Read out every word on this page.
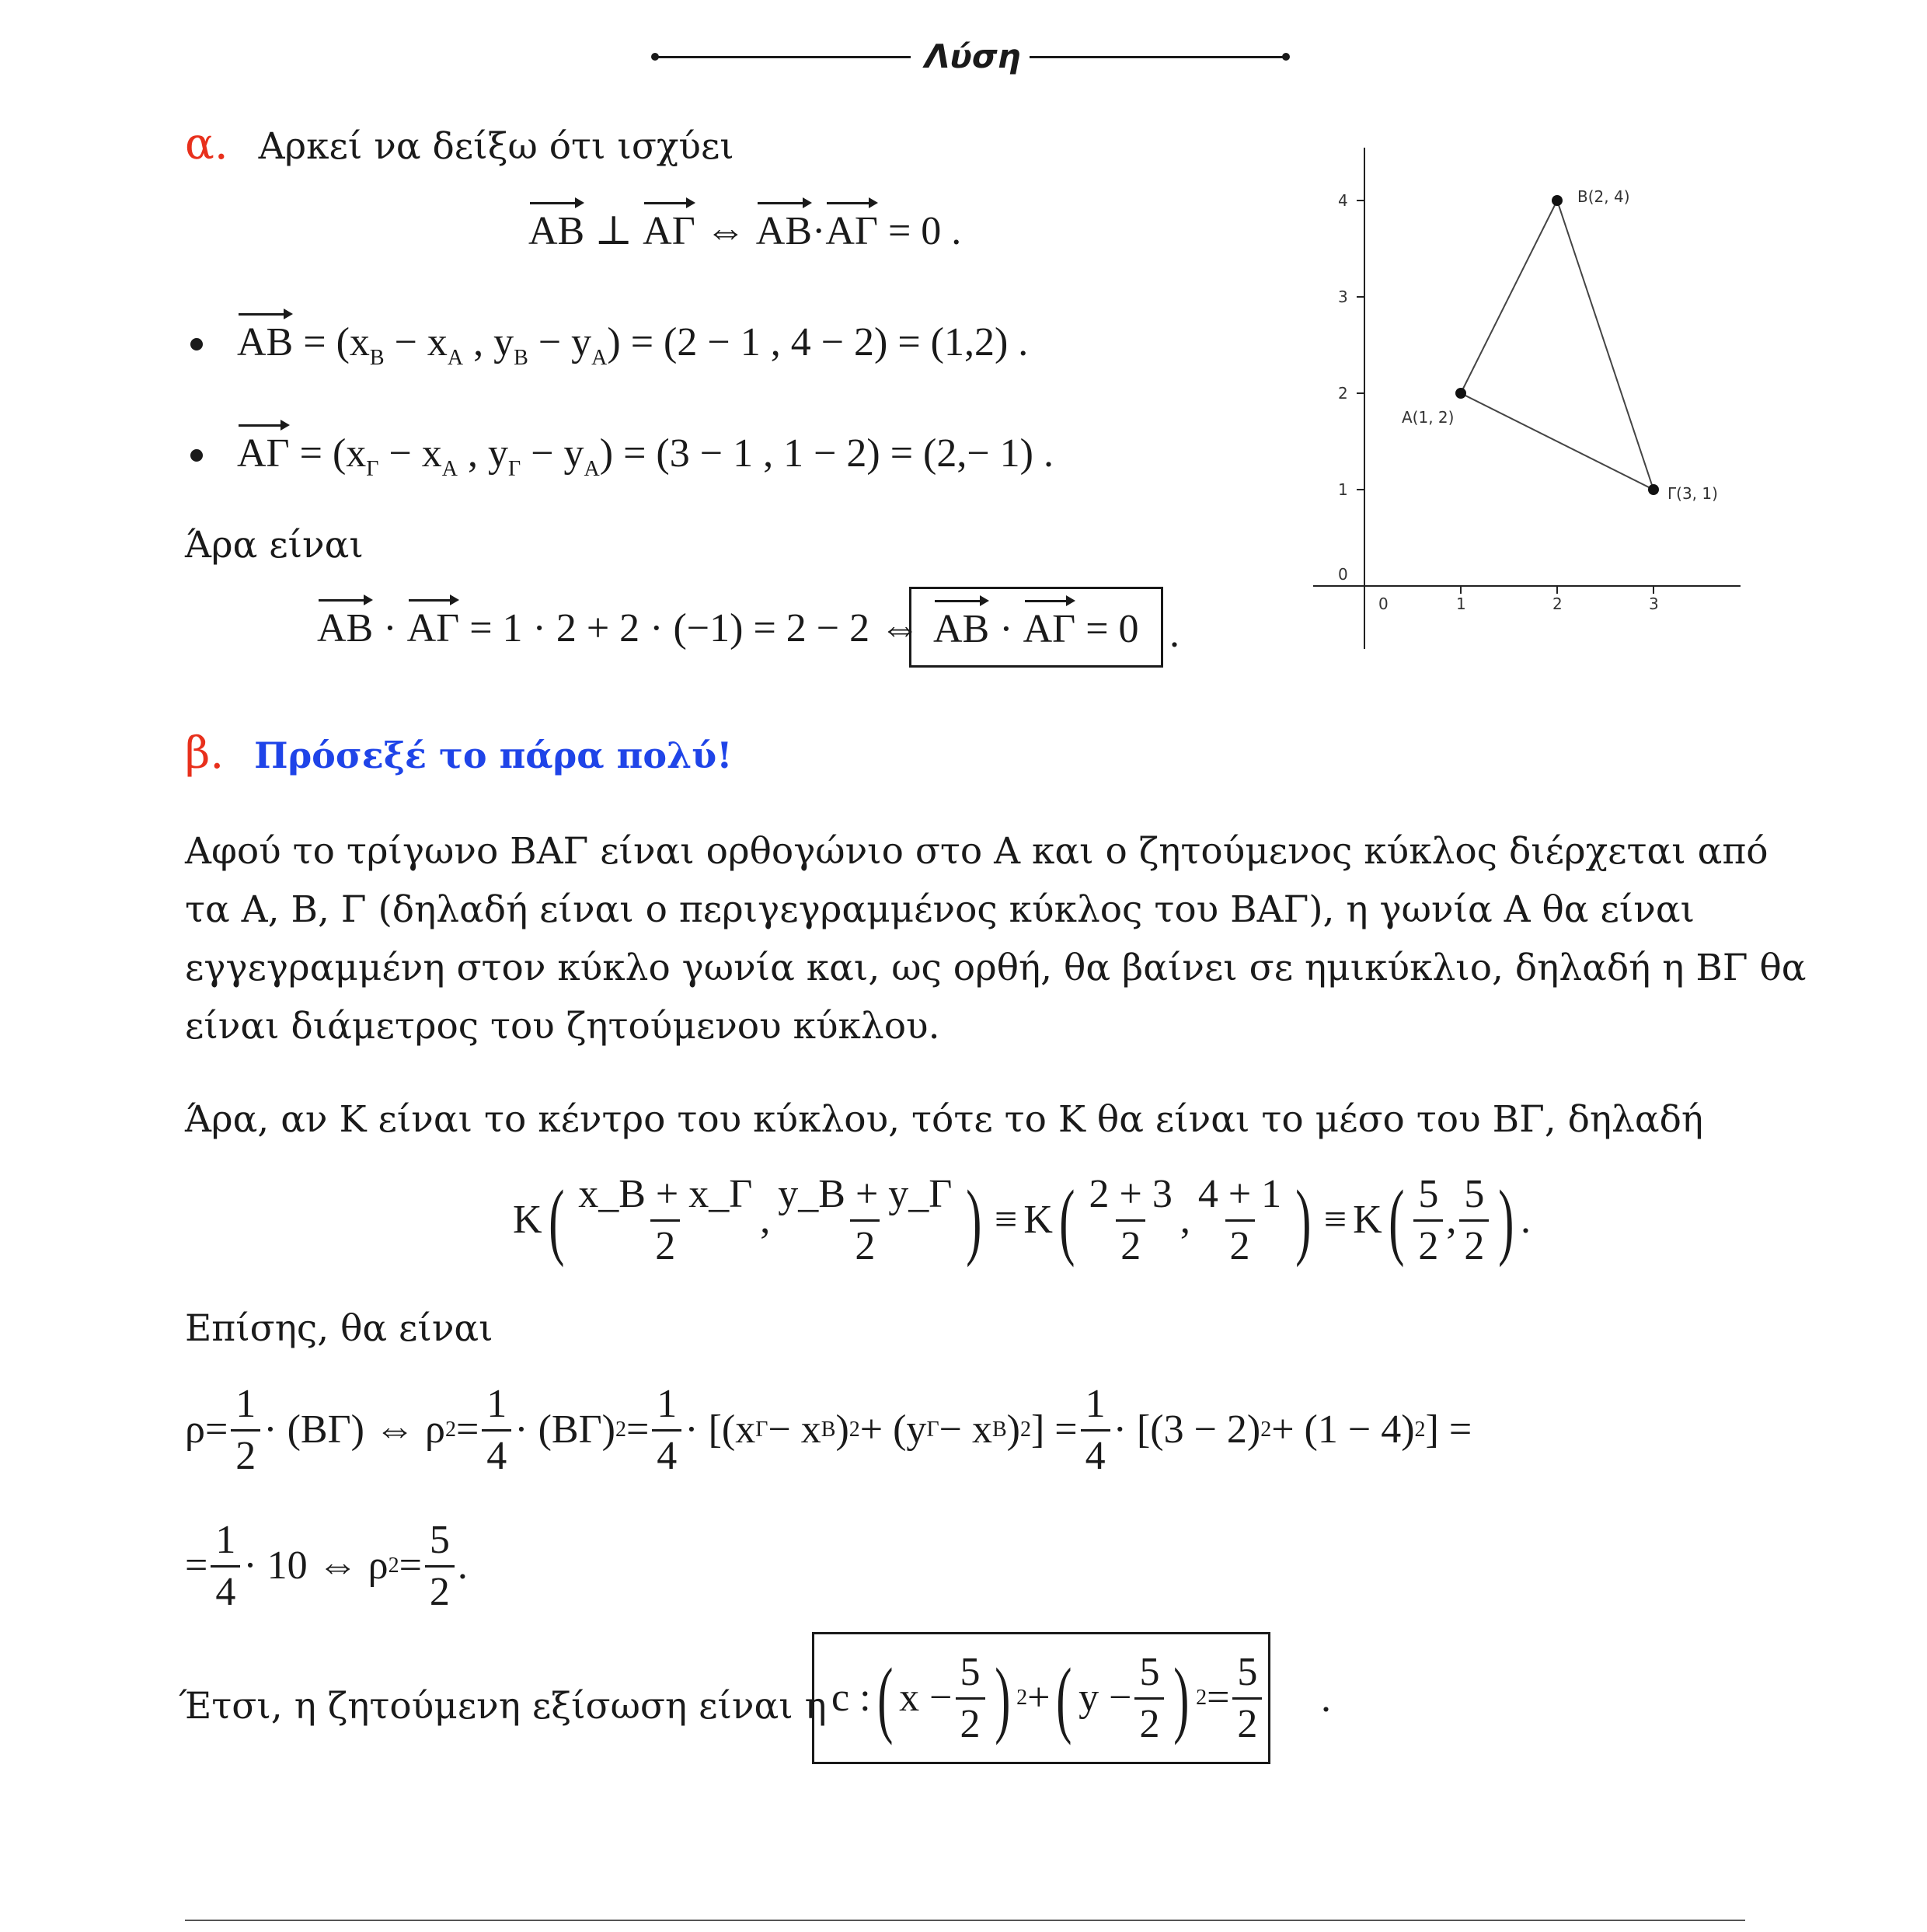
Λύση
α. Αρκεί να δείξω ότι ισχύει
AB ⊥ ΑΓ ⇔ AB·ΑΓ = 0 .
AB = ($x_B - x_A$ , $y_B - y_A) = (2 - 1$ , 4 − 2) = (1,2) .
$A\Gamma = (x_\Gamma - x_A$ , $y_\Gamma - y_A) = (3 - 1$ , 1 − 2) = (2,− 1) .
Άρα είναι
AB · ΑΓ = 1 · 2 + 2 · (−1) = 2 − 2 ⇔ AB · ΑΓ = 0 .
0	1	2	3
0
1
2
3
4
A(1, 2)
B(2, 4)
Γ(3, 1)
β. Πρόσεξέ το πάρα πολύ!
Αφού το τρίγωνο ΒΑΓ είναι ορθογώνιο στο Α και ο ζητούμενος κύκλος διέρχεται από
τα Α, Β, Γ (δηλαδή είναι ο περιγεγραμμένος κύκλος του ΒΑΓ), η γωνία Α θα είναι
εγγεγραμμένη στον κύκλο γωνία και, ως ορθή, θα βαίνει σε ημικύκλιο, δηλαδή η ΒΓ θα
είναι διάμετρος του ζητούμενου κύκλου.
Άρα, αν Κ είναι το κέντρο του κύκλου, τότε το Κ θα είναι το μέσο του ΒΓ, δηλαδή
K ( $\frac{x\_B + x\_\Gamma}{2}$ , $\frac{y\_B + y\_\Gamma}{2}$ ) ≡ K ( $\frac{2 + 3}{2}$ , $\frac{4 + 1}{2}$ ) ≡ K ( $\frac{5}{2}$ , $\frac{5}{2}$ ) .
Επίσης, θα είναι
$\rho = \frac{1}{2} \cdot (B\Gamma)$ ⇔ ρ $2 = \frac{1}{4} \cdot (B\Gamma) 2 = \frac{1}{4} \cdot [(x$ Γ − x B ) 2 + (y Γ − x B ) 2 ] = $\frac{1}{4} \cdot [(3 - 2) 2 + (1 - 4)$ 2 ] =
= $\frac{1}{4} \cdot 10$ ⇔ ρ $2 = \frac{5}{2}$ .
Έτσι, η ζητούμενη εξίσωση είναι η c : ( $x - \frac{5}{2}$ ) 2 + ( $y - \frac{5}{2}$ ) $2 = \frac{5}{2}$ .
